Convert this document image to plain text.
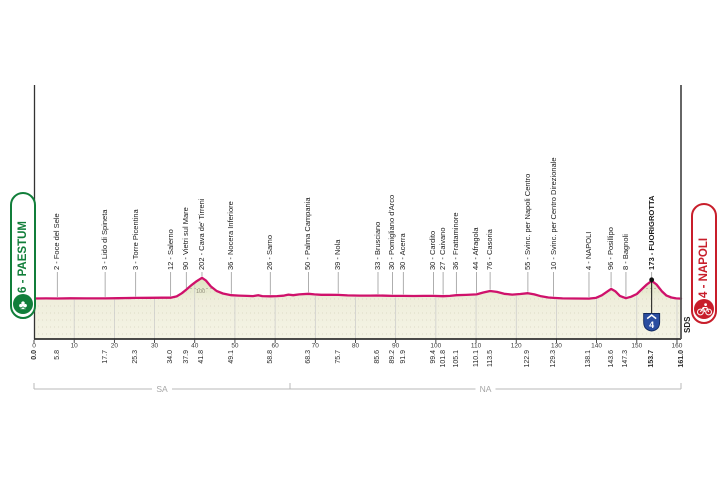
100
0	10	20	30	40	50	60	70	80	90	100	110	120	130	140	150	160
4
SA	NA
6 - PAESTUM
♣
4 - NAPOLI
SDS
2 - Foce del Sele	3 - Lido di Spineta	3 - Torre Picentina	12 - Salerno 90 - Vietri sul Mare 202 - Cava de' Tirreni	36 - Nocera Inferiore	26 - Sarno	50 - Palma Campania	39 - Nola	33 - Brusciano 30 - Pomigliano d'Arco 30 - Acerra	30 - Cardito 27 - Caivano 36 - Frattaminore 44 - Afragola 76 - Casoria	55 - Svinc. per Napoli Centro 10 - Svinc. per Centro Direzionale	4 - NAPOLI 96 - Posillipo 8 - Bagnoli 173 - FUORIGROTTA
0.0 5.8	17.7	25.3	34.0 37.9 41.8	49.1	58.8	68.3	75.7	85.6 89.2 91.9	99.4 101.8 105.1 110.1 113.5	122.9	129.3	138.1 143.6 147.3	153.7	161.0
